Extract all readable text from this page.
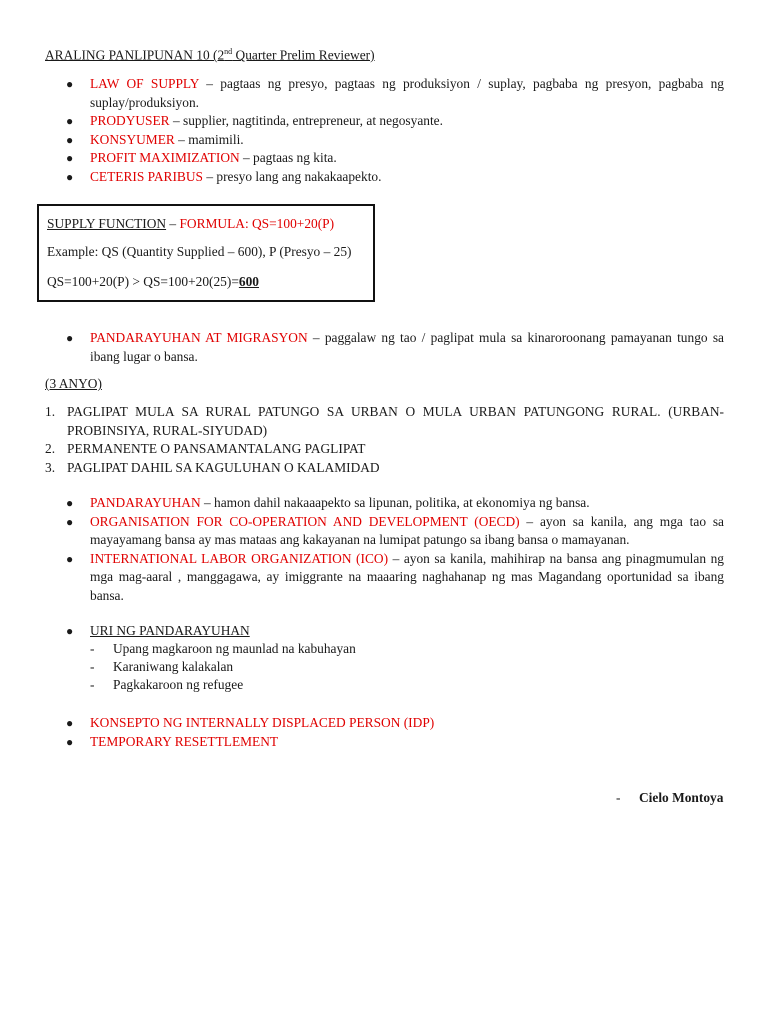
ARALING PANLIPUNAN 10 (2nd Quarter Prelim Reviewer)
● LAW OF SUPPLY – pagtaas ng presyo, pagtaas ng produksiyon / suplay, pagbaba ng presyon, pagbaba ng suplay/produksiyon.
● PRODYUSER – supplier, nagtitinda, entrepreneur, at negosyante.
● KONSYUMER – mamimili.
● PROFIT MAXIMIZATION – pagtaas ng kita.
● CETERIS PARIBUS – presyo lang ang nakakaapekto.
SUPPLY FUNCTION – FORMULA: QS=100+20(P)
Example: QS (Quantity Supplied – 600), P (Presyo – 25)
QS=100+20(P) > QS=100+20(25)=600
● PANDARAYUHAN AT MIGRASYON – paggalaw ng tao / paglipat mula sa kinaroroonang pamayanan tungo sa ibang lugar o bansa.
(3 ANYO)
1. PAGLIPAT MULA SA RURAL PATUNGO SA URBAN O MULA URBAN PATUNGONG RURAL. (URBAN-PROBINSIYA, RURAL-SIYUDAD)
2. PERMANENTE O PANSAMANTALANG PAGLIPAT
3. PAGLIPAT DAHIL SA KAGULUHAN O KALAMIDAD
● PANDARAYUHAN – hamon dahil nakaaapekto sa lipunan, politika, at ekonomiya ng bansa.
● ORGANISATION FOR CO-OPERATION AND DEVELOPMENT (OECD) – ayon sa kanila, ang mga tao sa mayayamang bansa ay mas mataas ang kakayanan na lumipat patungo sa ibang bansa o mamayanan.
● INTERNATIONAL LABOR ORGANIZATION (ICO) – ayon sa kanila, mahihirap na bansa ang pinagmumulan ng mga mag-aaral , manggagawa, ay imiggrante na maaaring naghahanap ng mas Magandang oportunidad sa ibang bansa.
● URI NG PANDARAYUHAN
- Upang magkaroon ng maunlad na kabuhayan
- Karaniwang kalakalan
- Pagkakaroon ng refugee
● KONSEPTO NG INTERNALLY DISPLACED PERSON (IDP)
● TEMPORARY RESETTLEMENT
- Cielo Montoya
